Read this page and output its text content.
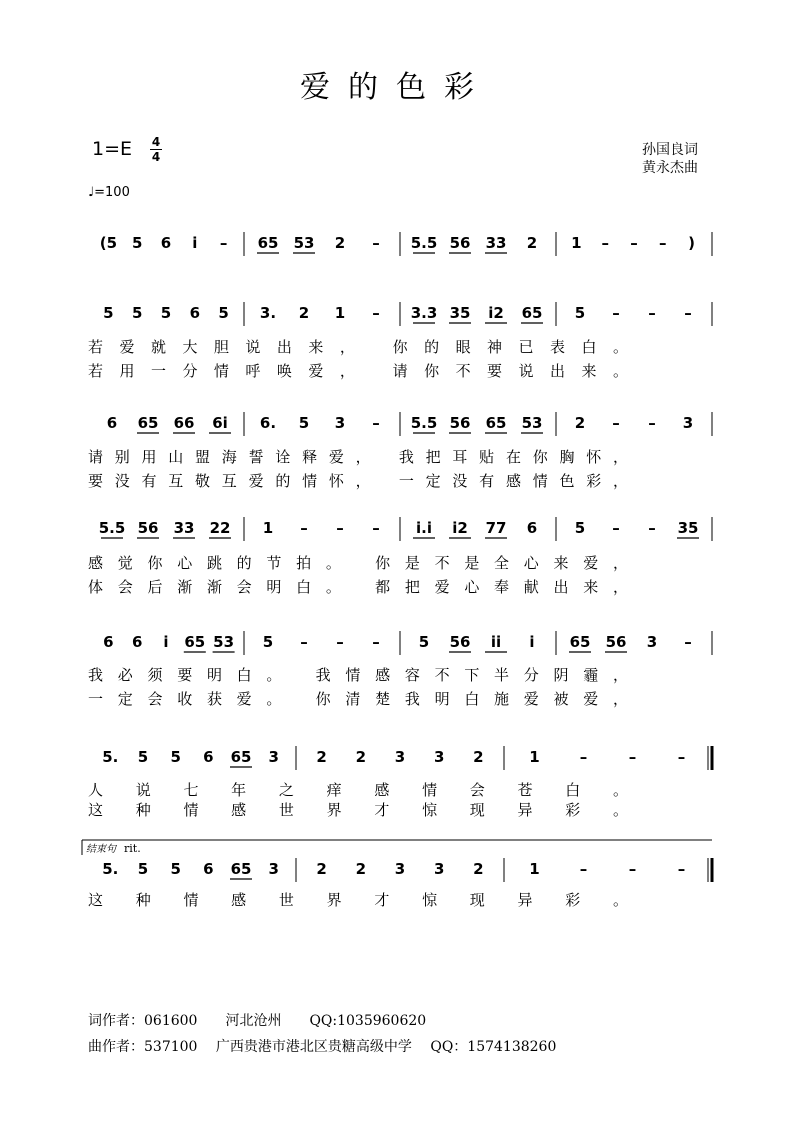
爱的色彩
1=E 4
4
♩=100
孙国良词
黄永杰曲
(5 5 6 i – 65 53 2 – 5.5 56 33 2 1 – – – )
5 5 5 6 5 3. 2 1 – 3.3 35 i2 65 5 – – –
若爱就大胆说出来， 你的眼神已表白。
若用一分情呼唤爱， 请你不要说出来。
6 65 66 6i 6. 5 3 – 5.5 56 65 53 2 – – 3
请别用山盟海誓诠释爱， 我把耳贴在你胸怀，
要没有互敬互爱的情怀， 一定没有感情色彩，
5.5 56 33 22 1 – – – i.i i2 77 6	5 – – 35
感觉你心跳的节拍。 你是不是全心来爱，
体会后渐渐会明白。 都把爱心奉献出来，
6 6 i 65 53 5 – – –	5 56 ii i 65 56 3 –
我必须要明白。 我情感容不下半分阴霾，
一定会收获爱。 你清楚我明白施爱被爱，
5. 5 5 6 65 3 2 2 3 3 2	1	–	–	–
人说七年之痒感情会苍白。
这种情感世界才惊现异彩。
5. 5 5 6 65 3 2 2 3 3 2	1	–	–	–
这种情感世界才惊现异彩。
结束句 rit.
词作者：061600　　河北沧州　　QQ:1035960620
曲作者：537100　 广西贵港市港北区贵糖高级中学　 QQ：1574138260
